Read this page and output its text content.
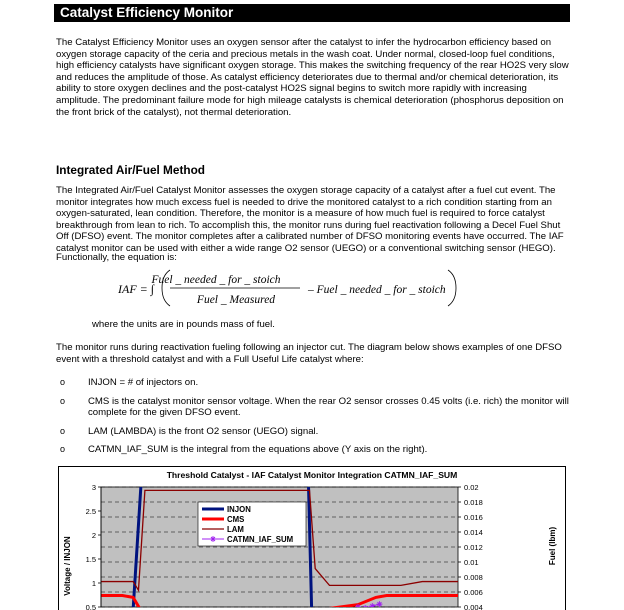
Catalyst Efficiency Monitor

The Catalyst Efficiency Monitor uses an oxygen sensor after the catalyst to infer the hydrocarbon efficiency based on oxygen storage capacity of the ceria and precious metals in the wash coat. Under normal, closed-loop fuel conditions, high efficiency catalysts have significant oxygen storage. This makes the switching frequency of the rear HO2S very slow and reduces the amplitude of those. As catalyst efficiency deteriorates due to thermal and/or chemical deterioration, its ability to store oxygen declines and the post-catalyst HO2S signal begins to switch more rapidly with increasing amplitude. The predominant failure mode for high mileage catalysts is chemical deterioration (phosphorus deposition on the front brick of the catalyst), not thermal deterioration.

Integrated Air/Fuel Method

The Integrated Air/Fuel Catalyst Monitor assesses the oxygen storage capacity of a catalyst after a fuel cut event. The monitor integrates how much excess fuel is needed to drive the monitored catalyst to a rich condition starting from an oxygen-saturated, lean condition. Therefore, the monitor is a measure of how much fuel is required to force catalyst breakthrough from lean to rich. To accomplish this, the monitor runs during fuel reactivation following a Decel Fuel Shut Off (DFSO) event. The monitor completes after a calibrated number of DFSO monitoring events have occurred. The IAF catalyst monitor can be used with either a wide range O2 sensor (UEGO) or a conventional switching sensor (HEGO).

Functionally, the equation is:

IAF = ∫
Fuel _ needed _ for _ stoich
Fuel _ Measured
– Fuel _ needed _ for _ stoich

where the units are in pounds mass of fuel.

The monitor runs during reactivation fueling following an injector cut. The diagram below shows examples of one DFSO event with a threshold catalyst and with a Full Useful Life catalyst where:

o INJON = # of injectors on.
o CMS is the catalyst monitor sensor voltage. When the rear O2 sensor crosses 0.45 volts (i.e. rich) the monitor will complete for the given DFSO event.
o LAM (LAMBDA) is the front O2 sensor (UEGO) signal.
o CATMN_IAF_SUM is the integral from the equations above (Y axis on the right).
Threshold Catalyst - IAF Catalyst Monitor Integration CATMN_IAF_SUM
3
2.5
2
1.5
1
0.5
0.02
0.018
0.016
0.014
0.012
0.01
0.008
0.006
0.004
Voltage / INJON	Fuel (lbm)
INJON
CMS
LAM
CATMN_IAF_SUM
